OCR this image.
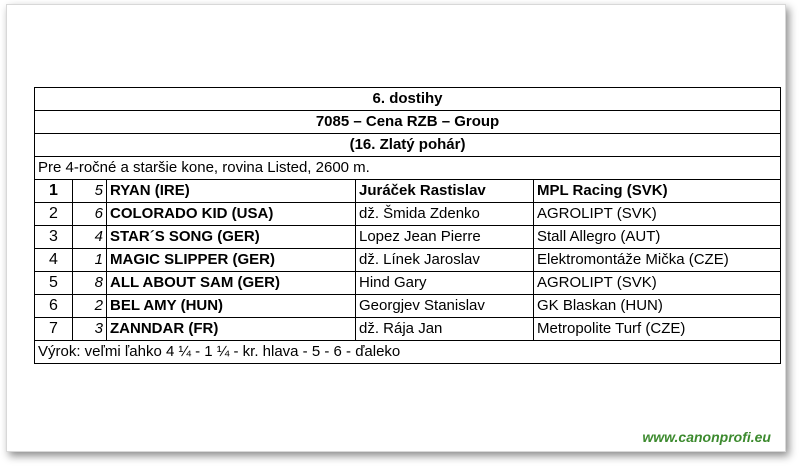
6. dostihy				
7085 – Cena RZB – Group				
(16. Zlatý pohár)				
Pre 4-ročné a staršie kone, rovina Listed, 2600 m.				
1	5	RYAN (IRE)	Juráček Rastislav	MPL Racing (SVK)
2	6	COLORADO KID (USA)	dž. Šmida Zdenko	AGROLIPT (SVK)
3	4	STAR´S SONG (GER)	Lopez Jean Pierre	Stall Allegro (AUT)
4	1	MAGIC SLIPPER (GER)	dž. Línek Jaroslav	Elektromontáže Mička (CZE)
5	8	ALL ABOUT SAM (GER)	Hind Gary	AGROLIPT (SVK)
6	2	BEL AMY (HUN)	Georgjev Stanislav	GK Blaskan (HUN)
7	3	ZANNDAR (FR)	dž. Rája Jan	Metropolite Turf (CZE)
Výrok: veľmi ľahko 4 ¼ - 1 ¼ - kr. hlava - 5 - 6 - ďaleko				
www.canonprofi.eu
